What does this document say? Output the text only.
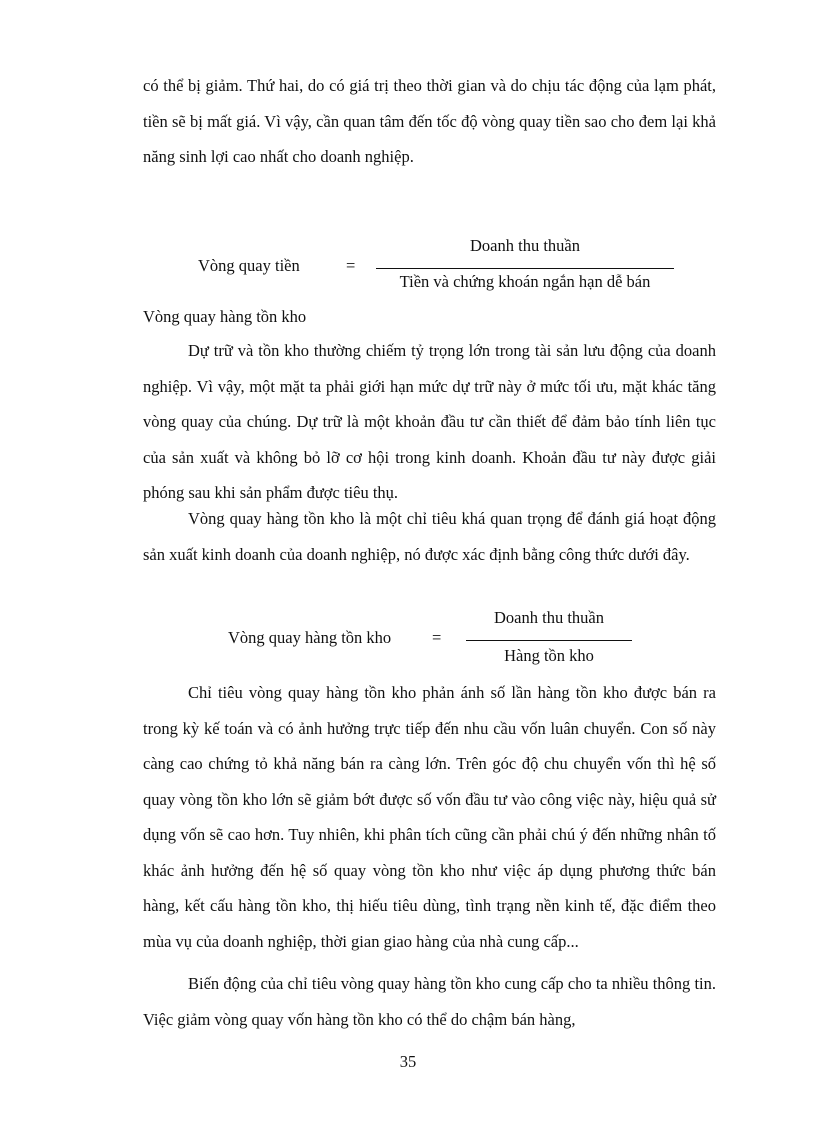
có thể bị giảm. Thứ hai, do có giá trị theo thời gian và do chịu tác động của lạm phát, tiền sẽ bị mất giá. Vì vậy, cần quan tâm đến tốc độ vòng quay tiền sao cho đem lại khả năng sinh lợi cao nhất cho doanh nghiệp.

Vòng quay tiền	=
Doanh thu thuần
Tiền và chứng khoán ngắn hạn dễ bán

Vòng quay hàng tồn kho

Dự trữ và tồn kho thường chiếm tỷ trọng lớn trong tài sản lưu động của doanh nghiệp. Vì vậy, một mặt ta phải giới hạn mức dự trữ này ở mức tối ưu, mặt khác tăng vòng quay của chúng. Dự trữ là một khoản đầu tư cần thiết để đảm bảo tính liên tục của sản xuất và không bỏ lỡ cơ hội trong kinh doanh. Khoản đầu tư này được giải phóng sau khi sản phẩm được tiêu thụ.

Vòng quay hàng tồn kho là một chỉ tiêu khá quan trọng để đánh giá hoạt động sản xuất kinh doanh của doanh nghiệp, nó được xác định bằng công thức dưới đây.

Vòng quay hàng tồn kho =
Doanh thu thuần
Hàng tồn kho

Chỉ tiêu vòng quay hàng tồn kho phản ánh số lần hàng tồn kho được bán ra trong kỳ kế toán và có ảnh hưởng trực tiếp đến nhu cầu vốn luân chuyển. Con số này càng cao chứng tỏ khả năng bán ra càng lớn. Trên góc độ chu chuyển vốn thì hệ số quay vòng tồn kho lớn sẽ giảm bớt được số vốn đầu tư vào công việc này, hiệu quả sử dụng vốn sẽ cao hơn. Tuy nhiên, khi phân tích cũng cần phải chú ý đến những nhân tố khác ảnh hưởng đến hệ số quay vòng tồn kho như việc áp dụng phương thức bán hàng, kết cấu hàng tồn kho, thị hiếu tiêu dùng, tình trạng nền kinh tế, đặc điểm theo mùa vụ của doanh nghiệp, thời gian giao hàng của nhà cung cấp...

Biến động của chỉ tiêu vòng quay hàng tồn kho cung cấp cho ta nhiều thông tin. Việc giảm vòng quay vốn hàng tồn kho có thể do chậm bán hàng,

35
